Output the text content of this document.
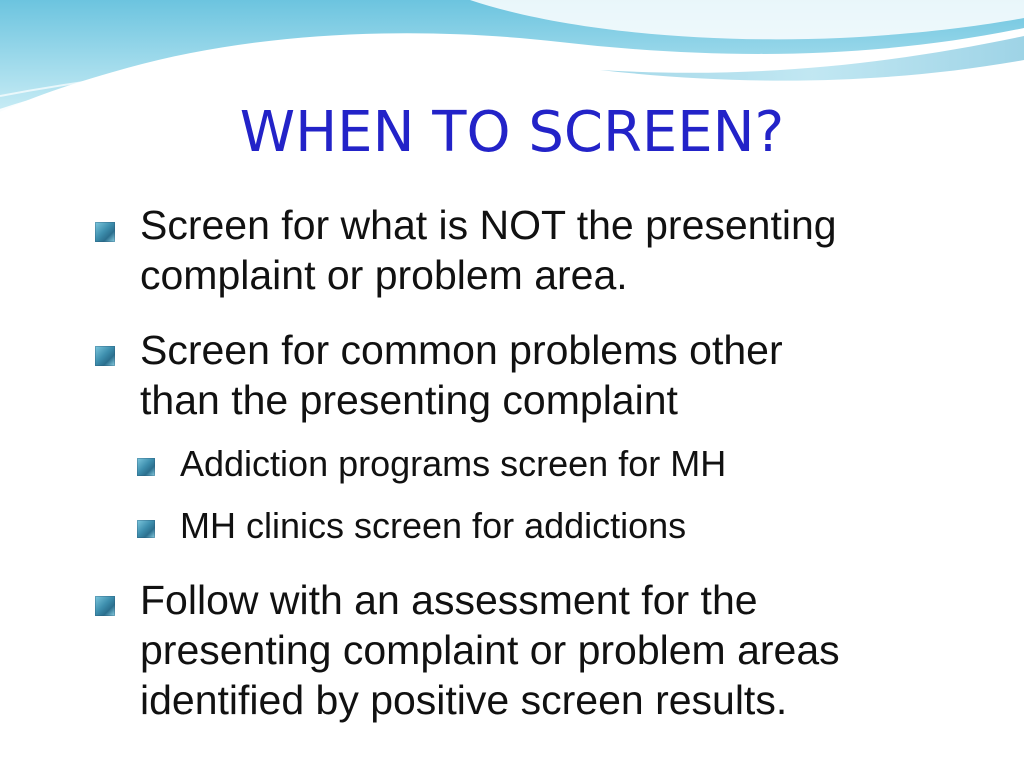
WHEN TO SCREEN?
Screen for what is NOT the presenting
complaint or problem area.
Screen for common problems other
than the presenting complaint
Addiction programs screen for MH
MH clinics screen for addictions
Follow with an assessment for the
presenting complaint or problem areas
identified by positive screen results.
